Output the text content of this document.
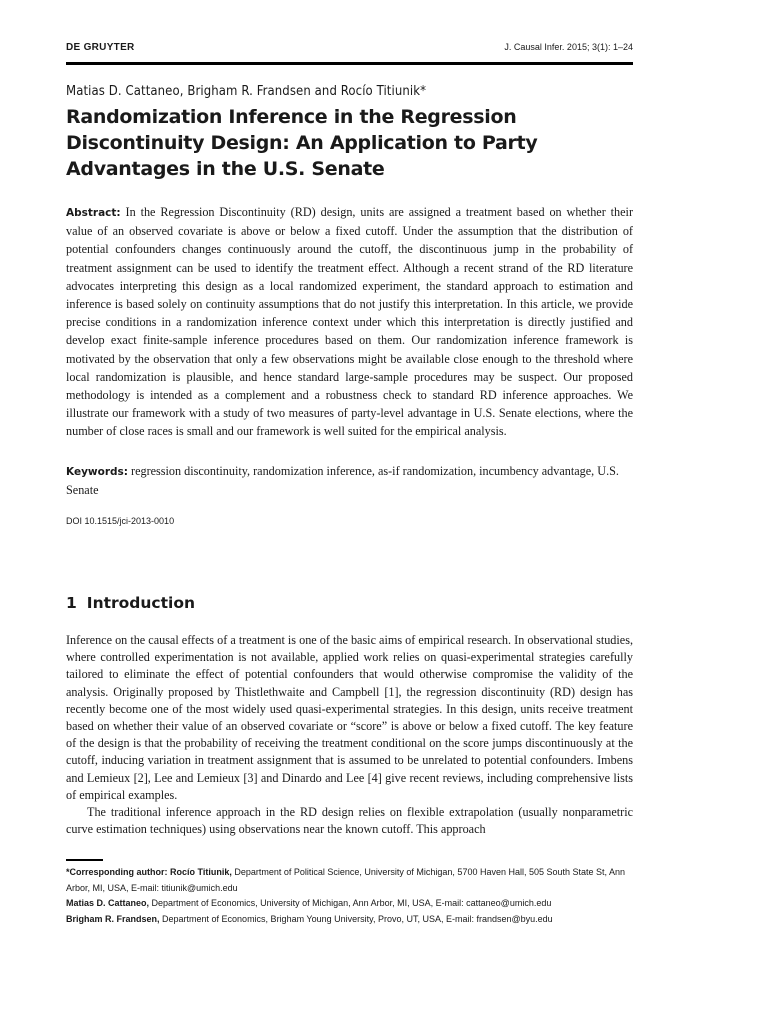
DE GRUYTER	J. Causal Infer. 2015; 3(1): 1–24
Matias D. Cattaneo, Brigham R. Frandsen and Rocío Titiunik*
Randomization Inference in the Regression
Discontinuity Design: An Application to Party
Advantages in the U.S. Senate
Abstract: In the Regression Discontinuity (RD) design, units are assigned a treatment based on whether their value of an observed covariate is above or below a fixed cutoff. Under the assumption that the distribution of potential confounders changes continuously around the cutoff, the discontinuous jump in the probability of treatment assignment can be used to identify the treatment effect. Although a recent strand of the RD literature advocates interpreting this design as a local randomized experiment, the standard approach to estimation and inference is based solely on continuity assumptions that do not justify this interpretation. In this article, we provide precise conditions in a randomization inference context under which this interpretation is directly justified and develop exact finite-sample inference procedures based on them. Our randomization inference framework is motivated by the observation that only a few observations might be available close enough to the threshold where local randomization is plausible, and hence standard large-sample procedures may be suspect. Our proposed methodology is intended as a complement and a robustness check to standard RD inference approaches. We illustrate our framework with a study of two measures of party-level advantage in U.S. Senate elections, where the number of close races is small and our framework is well suited for the empirical analysis.
Keywords: regression discontinuity, randomization inference, as-if randomization, incumbency advantage, U.S. Senate
DOI 10.1515/jci-2013-0010
1 Introduction

Inference on the causal effects of a treatment is one of the basic aims of empirical research. In observational studies, where controlled experimentation is not available, applied work relies on quasi-experimental strategies carefully tailored to eliminate the effect of potential confounders that would otherwise compromise the validity of the analysis. Originally proposed by Thistlethwaite and Campbell [1], the regression discontinuity (RD) design has recently become one of the most widely used quasi-experimental strategies. In this design, units receive treatment based on whether their value of an observed covariate or “score” is above or below a fixed cutoff. The key feature of the design is that the probability of receiving the treatment conditional on the score jumps discontinuously at the cutoff, inducing variation in treatment assignment that is assumed to be unrelated to potential confounders. Imbens and Lemieux [2], Lee and Lemieux [3] and Dinardo and Lee [4] give recent reviews, including comprehensive lists of empirical examples.

The traditional inference approach in the RD design relies on flexible extrapolation (usually nonparametric curve estimation techniques) using observations near the known cutoff. This approach

*Corresponding author: Rocío Titiunik, Department of Political Science, University of Michigan, 5700 Haven Hall, 505 South State St, Ann Arbor, MI, USA, E-mail: titiunik@umich.edu

Matias D. Cattaneo, Department of Economics, University of Michigan, Ann Arbor, MI, USA, E-mail: cattaneo@umich.edu

Brigham R. Frandsen, Department of Economics, Brigham Young University, Provo, UT, USA, E-mail: frandsen@byu.edu
